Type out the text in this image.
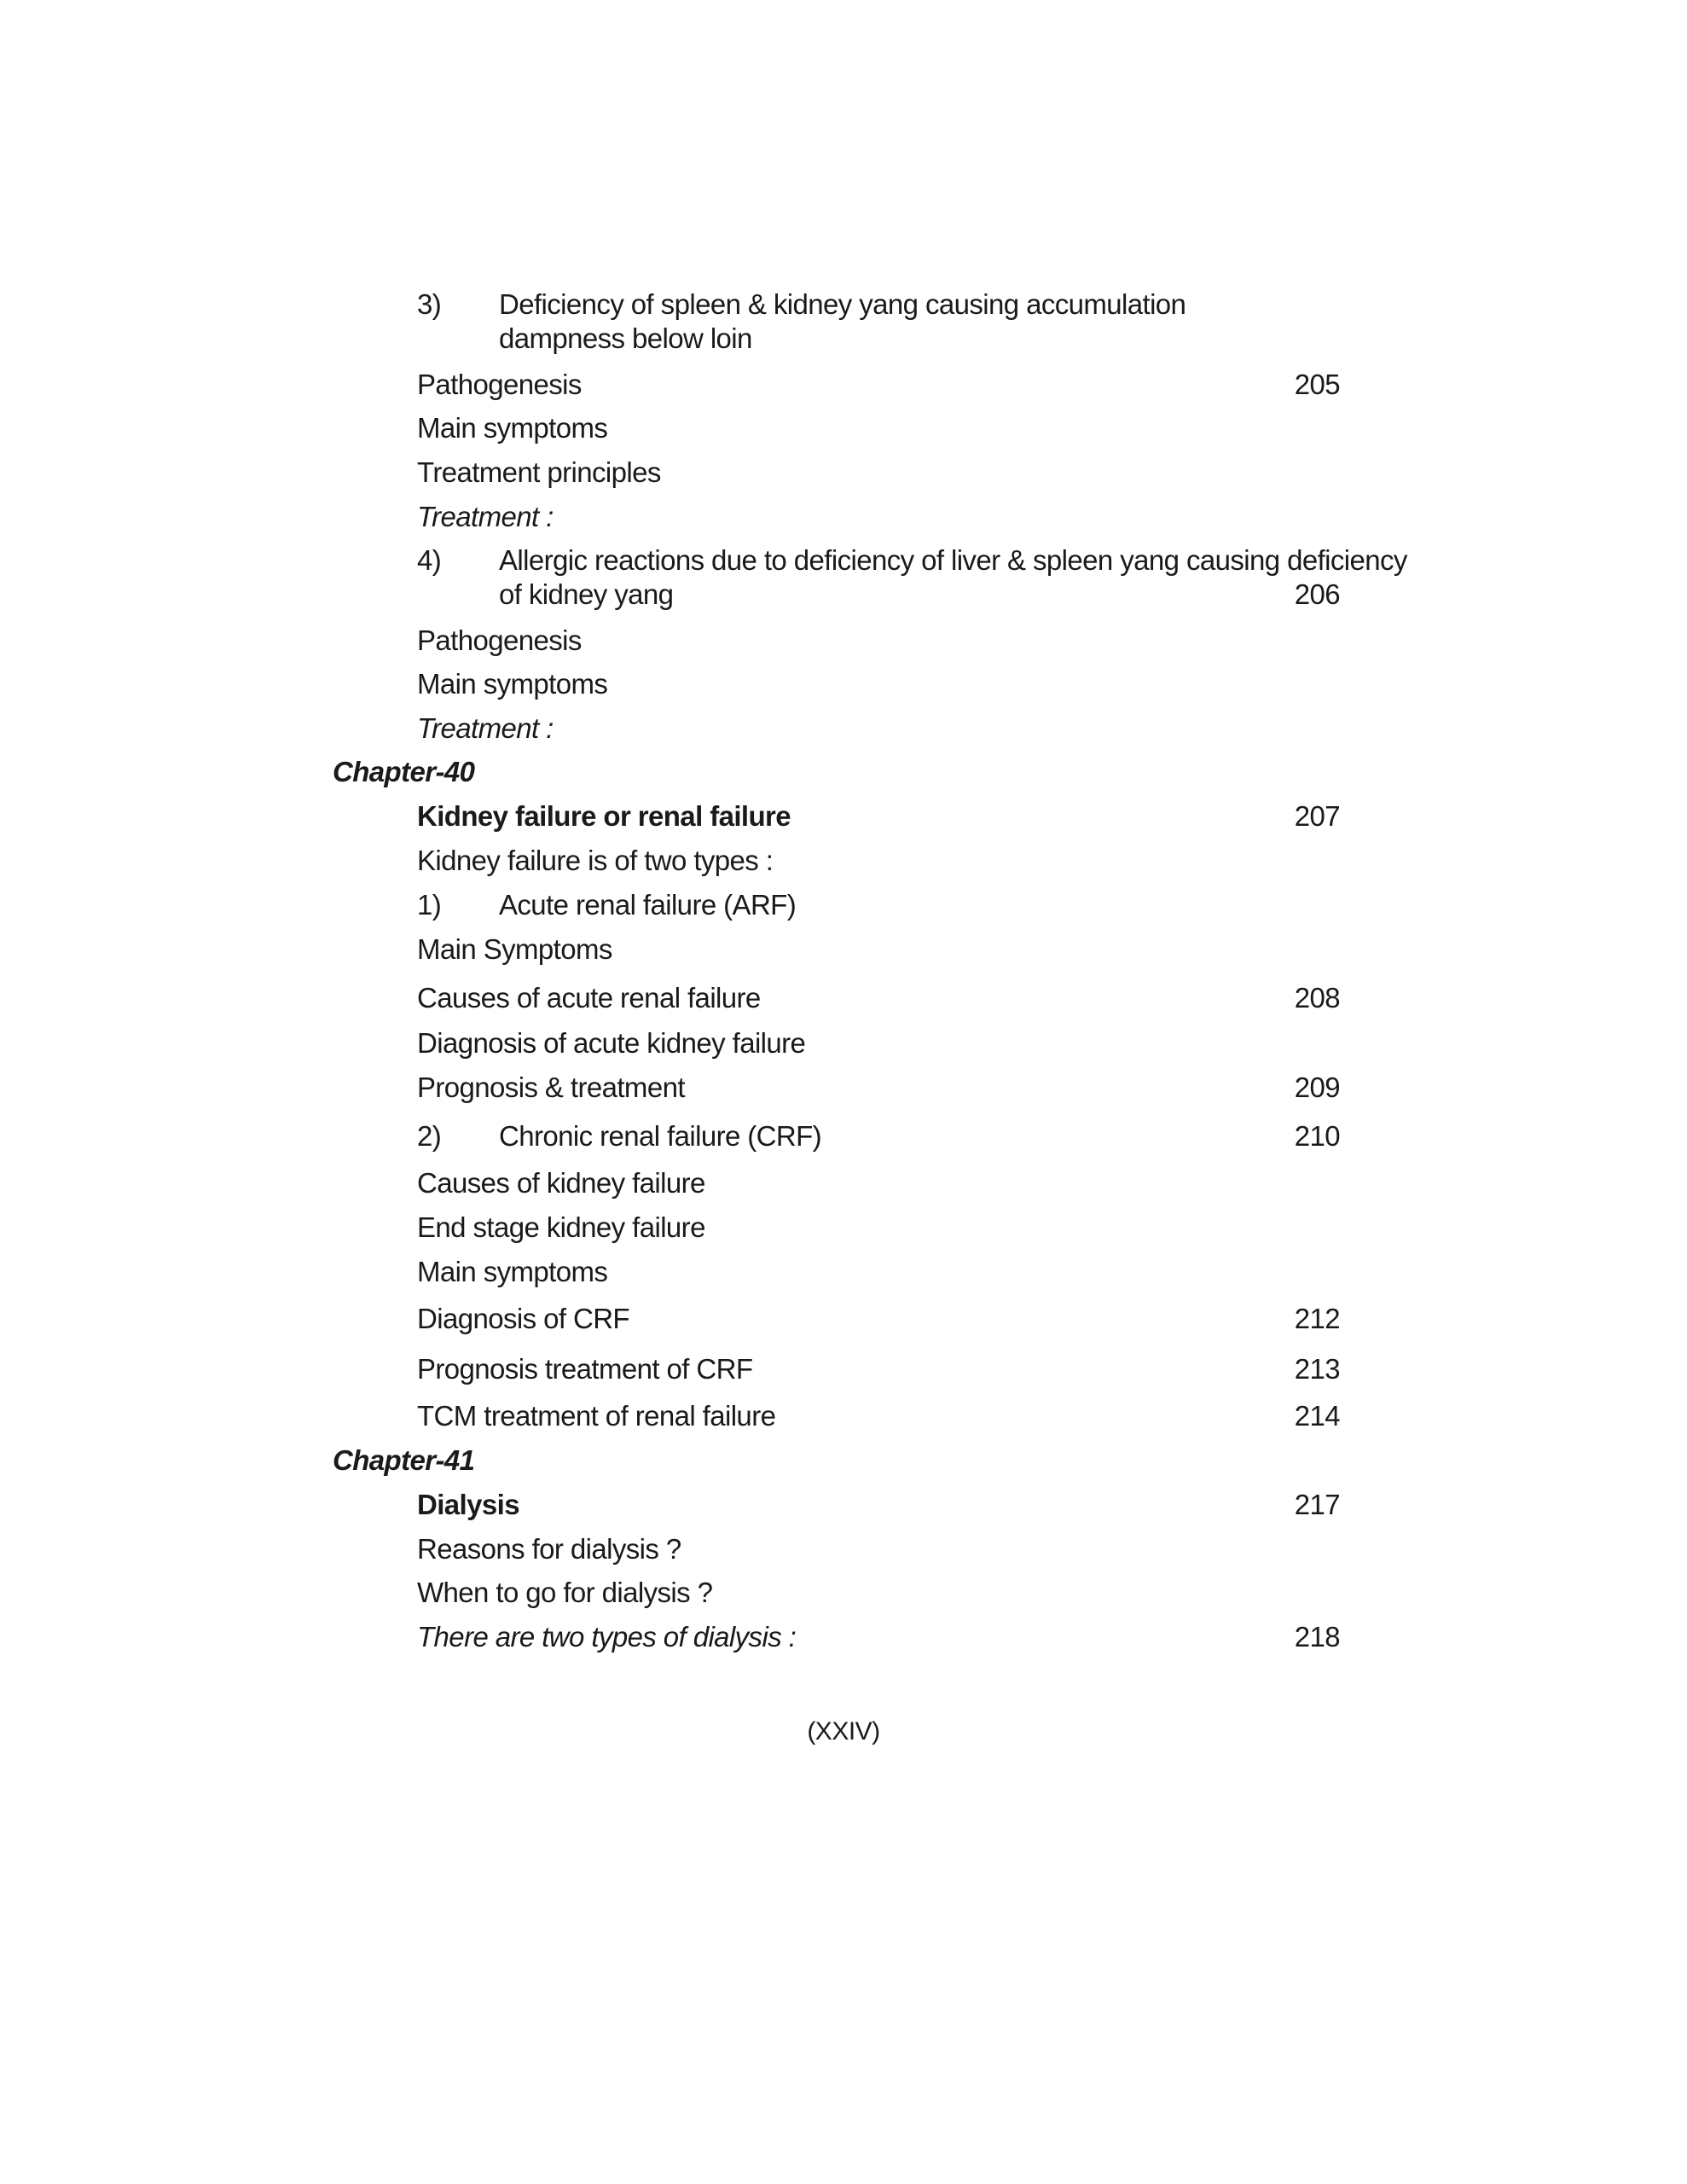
3) Deficiency of spleen & kidney yang causing accumulation
dampness below loin
Pathogenesis	205
Main symptoms
Treatment principles
Treatment :
4) Allergic reactions due to deficiency of liver & spleen yang causing deficiency
of kidney yang	206
Pathogenesis
Main symptoms
Treatment :
Chapter-40
Kidney failure or renal failure	207
Kidney failure is of two types :
1) Acute renal failure (ARF)
Main Symptoms
Causes of acute renal failure	208
Diagnosis of acute kidney failure
Prognosis & treatment	209
2) Chronic renal failure (CRF)	210
Causes of kidney failure
End stage kidney failure
Main symptoms
Diagnosis of CRF	212
Prognosis treatment of CRF	213
TCM treatment of renal failure	214
Chapter-41
Dialysis	217
Reasons for dialysis ?
When to go for dialysis ?
There are two types of dialysis :	218
(XXIV)
